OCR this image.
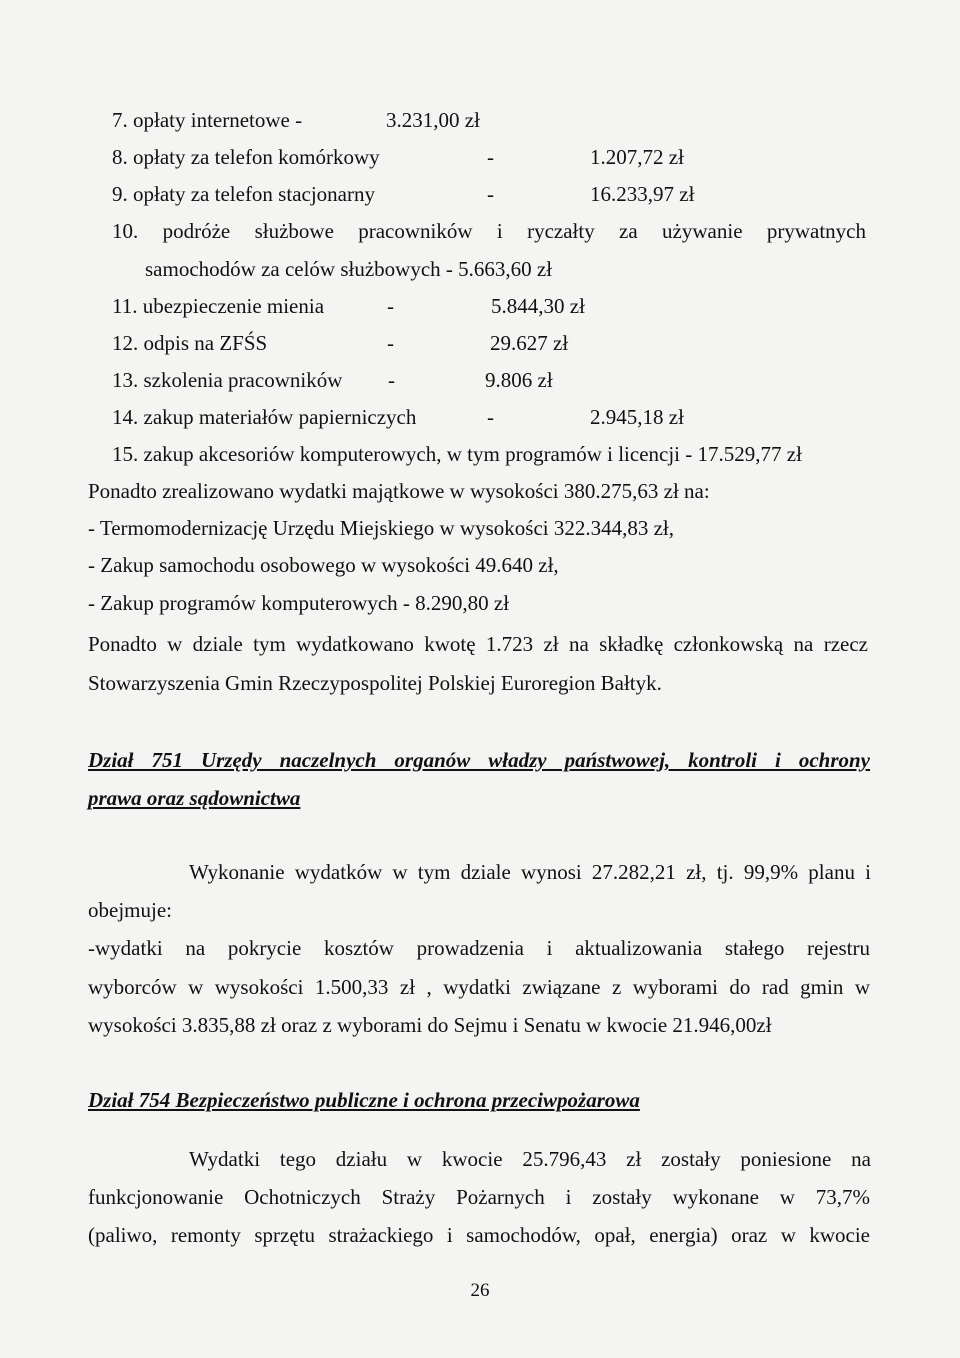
7. opłaty internetowe -	3.231,00 zł
8. opłaty za telefon komórkowy	-	1.207,72 zł
9. opłaty za telefon stacjonarny	-	16.233,97 zł
10. podróże służbowe pracowników i ryczałty za używanie prywatnych
samochodów za celów służbowych - 5.663,60 zł
11. ubezpieczenie mienia	-	5.844,30 zł
12. odpis na ZFŚS	-	29.627 zł
13. szkolenia pracowników -	9.806 zł
14. zakup materiałów papierniczych	-	2.945,18 zł
15. zakup akcesoriów komputerowych, w tym programów i licencji - 17.529,77 zł
Ponadto zrealizowano wydatki majątkowe w wysokości 380.275,63 zł na:
- Termomodernizację Urzędu Miejskiego w wysokości 322.344,83 zł,
- Zakup samochodu osobowego w wysokości 49.640 zł,
- Zakup programów komputerowych - 8.290,80 zł
Ponadto w dziale tym wydatkowano kwotę 1.723 zł na składkę członkowską na rzecz
Stowarzyszenia Gmin Rzeczypospolitej Polskiej Euroregion Bałtyk.
Dział 751 Urzędy naczelnych organów władzy państwowej, kontroli i ochrony
prawa oraz sądownictwa
Wykonanie wydatków w tym dziale wynosi 27.282,21 zł, tj. 99,9% planu i
obejmuje:
-wydatki na pokrycie kosztów prowadzenia i aktualizowania stałego rejestru
wyborców w wysokości 1.500,33 zł , wydatki związane z wyborami do rad gmin w
wysokości 3.835,88 zł oraz z wyborami do Sejmu i Senatu w kwocie 21.946,00zł
Dział 754 Bezpieczeństwo publiczne i ochrona przeciwpożarowa
Wydatki tego działu w kwocie 25.796,43 zł zostały poniesione na
funkcjonowanie Ochotniczych Straży Pożarnych i zostały wykonane w 73,7%
(paliwo, remonty sprzętu strażackiego i samochodów, opał, energia) oraz w kwocie
26
